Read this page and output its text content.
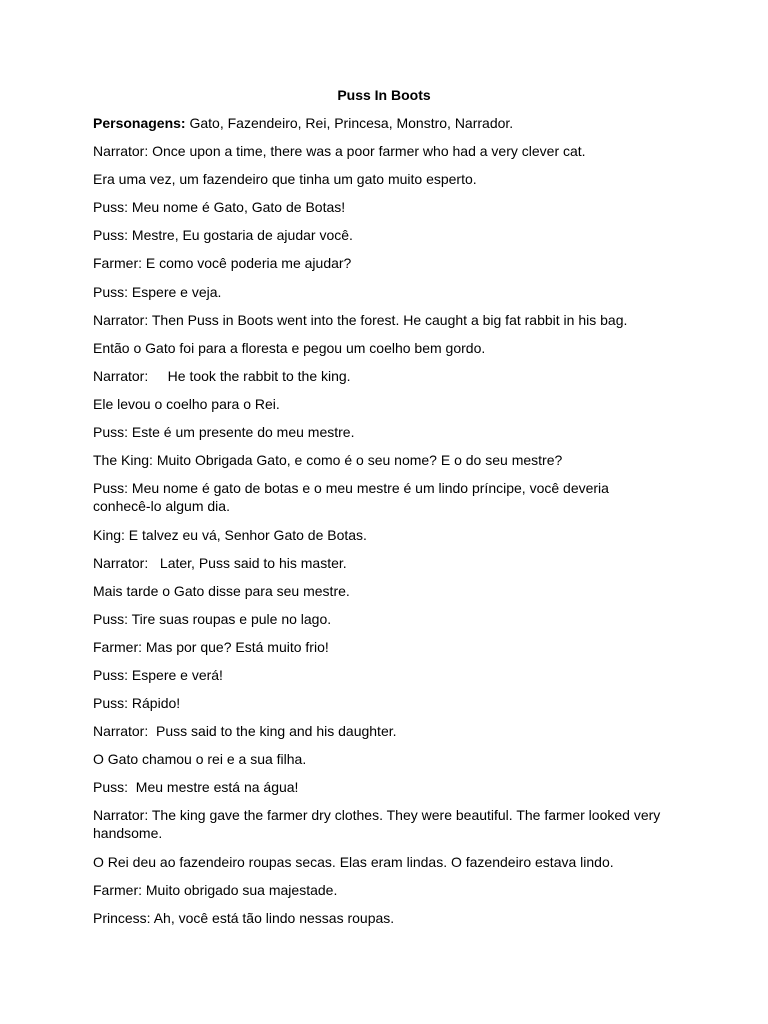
Puss In Boots
Personagens: Gato, Fazendeiro, Rei, Princesa, Monstro, Narrador.
Narrator: Once upon a time, there was a poor farmer who had a very clever cat.
Era uma vez, um fazendeiro que tinha um gato muito esperto.
Puss: Meu nome é Gato, Gato de Botas!
Puss: Mestre, Eu gostaria de ajudar você.
Farmer: E como você poderia me ajudar?
Puss: Espere e veja.
Narrator: Then Puss in Boots went into the forest. He caught a big fat rabbit in his bag.
Então o Gato foi para a floresta e pegou um coelho bem gordo.
Narrator:     He took the rabbit to the king.
Ele levou o coelho para o Rei.
Puss: Este é um presente do meu mestre.
The King: Muito Obrigada Gato, e como é o seu nome? E o do seu mestre?
Puss: Meu nome é gato de botas e o meu mestre é um lindo príncipe, você deveria
conhecê-lo algum dia.
King: E talvez eu vá, Senhor Gato de Botas.
Narrator:   Later, Puss said to his master.
Mais tarde o Gato disse para seu mestre.
Puss: Tire suas roupas e pule no lago.
Farmer: Mas por que? Está muito frio!
Puss: Espere e verá!
Puss: Rápido!
Narrator:  Puss said to the king and his daughter.
O Gato chamou o rei e a sua filha.
Puss:  Meu mestre está na água!
Narrator: The king gave the farmer dry clothes. They were beautiful. The farmer looked very
handsome.
O Rei deu ao fazendeiro roupas secas. Elas eram lindas. O fazendeiro estava lindo.
Farmer: Muito obrigado sua majestade.
Princess: Ah, você está tão lindo nessas roupas.
